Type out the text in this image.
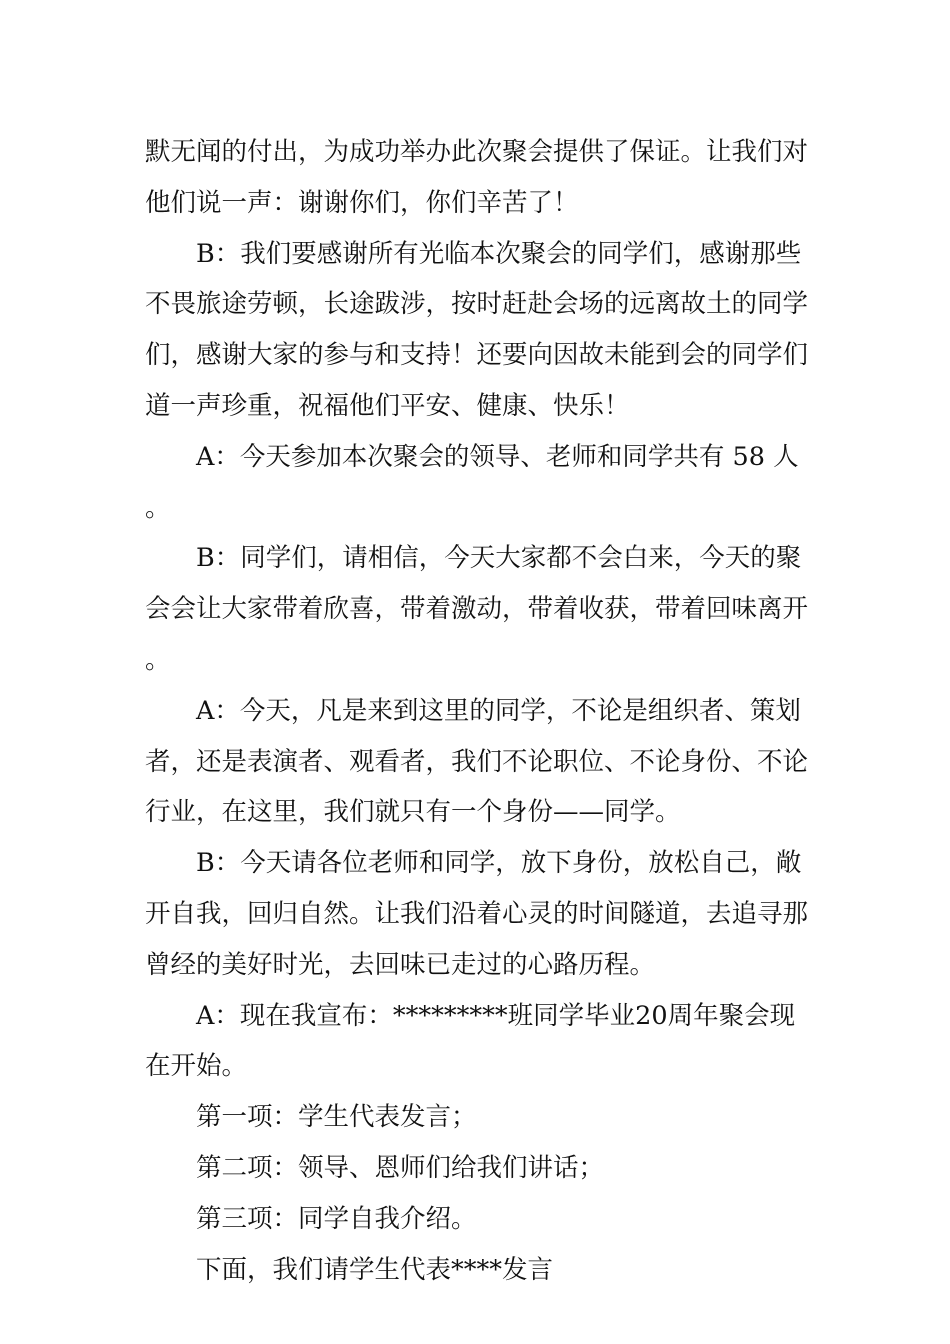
默无闻的付出，为成功举办此次聚会提供了保证。让我们对他们说一声：谢谢你们，你们辛苦了！

B：我们要感谢所有光临本次聚会的同学们，感谢那些不畏旅途劳顿，长途跋涉，按时赶赴会场的远离故土的同学们，感谢大家的参与和支持！还要向因故未能到会的同学们道一声珍重，祝福他们平安、健康、快乐！

A：今天参加本次聚会的领导、老师和同学共有 58 人。

B：同学们，请相信，今天大家都不会白来，今天的聚会会让大家带着欣喜，带着激动，带着收获，带着回味离开。

A：今天，凡是来到这里的同学，不论是组织者、策划者，还是表演者、观看者，我们不论职位、不论身份、不论行业，在这里，我们就只有一个身份——同学。

B：今天请各位老师和同学，放下身份，放松自己，敞开自我，回归自然。让我们沿着心灵的时间隧道，去追寻那曾经的美好时光，去回味已走过的心路历程。

A：现在我宣布：*********班同学毕业20周年聚会现在开始。

第一项：学生代表发言；

第二项：领导、恩师们给我们讲话；

第三项：同学自我介绍。

下面，我们请学生代表****发言
